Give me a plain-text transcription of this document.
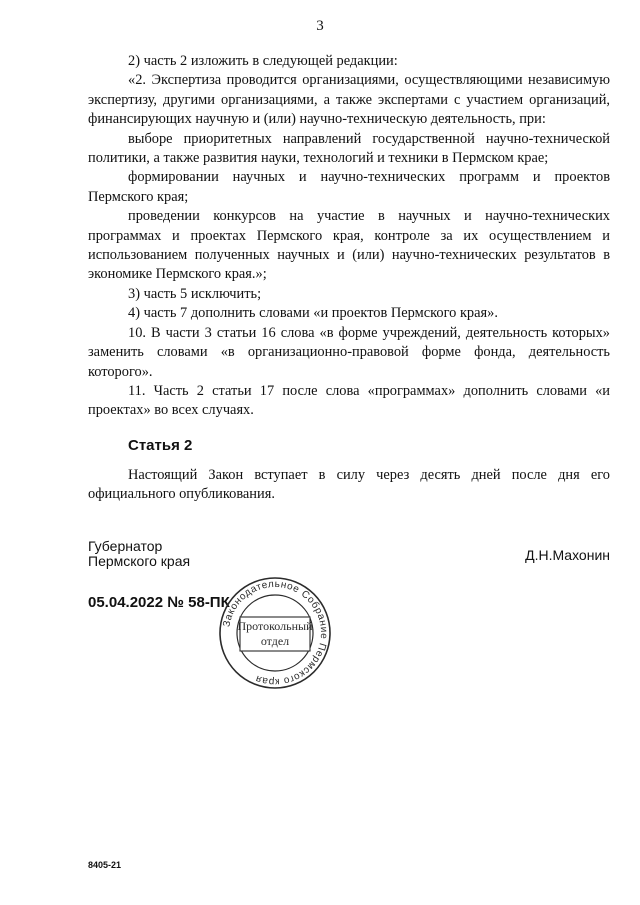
3

2) часть 2 изложить в следующей редакции:

«2. Экспертиза проводится организациями, осуществляющими независимую экспертизу, другими организациями, а также экспертами с участием организаций, финансирующих научную и (или) научно-техническую деятельность, при:

выборе приоритетных направлений государственной научно-технической политики, а также развития науки, технологий и техники в Пермском крае;

формировании научных и научно-технических программ и проектов Пермского края;

проведении конкурсов на участие в научных и научно-технических программах и проектах Пермского края, контроле за их осуществлением и использованием полученных научных и (или) научно-технических результатов в экономике Пермского края.»;

3) часть 5 исключить;

4) часть 7 дополнить словами «и проектов Пермского края».

10. В части 3 статьи 16 слова «в форме учреждений, деятельность которых» заменить словами «в организационно-правовой форме фонда, деятельность которого».

11. Часть 2 статьи 17 после слова «программах» дополнить словами «и проектах» во всех случаях.

Статья 2

Настоящий Закон вступает в силу через десять дней после дня его официального опубликования.

Губернатор
Пермского края	Д.Н.Махонин
05.04.2022 № 58-ПК
Законодательное Собрание Пермского края
Протокольный
отдел
8405-21
